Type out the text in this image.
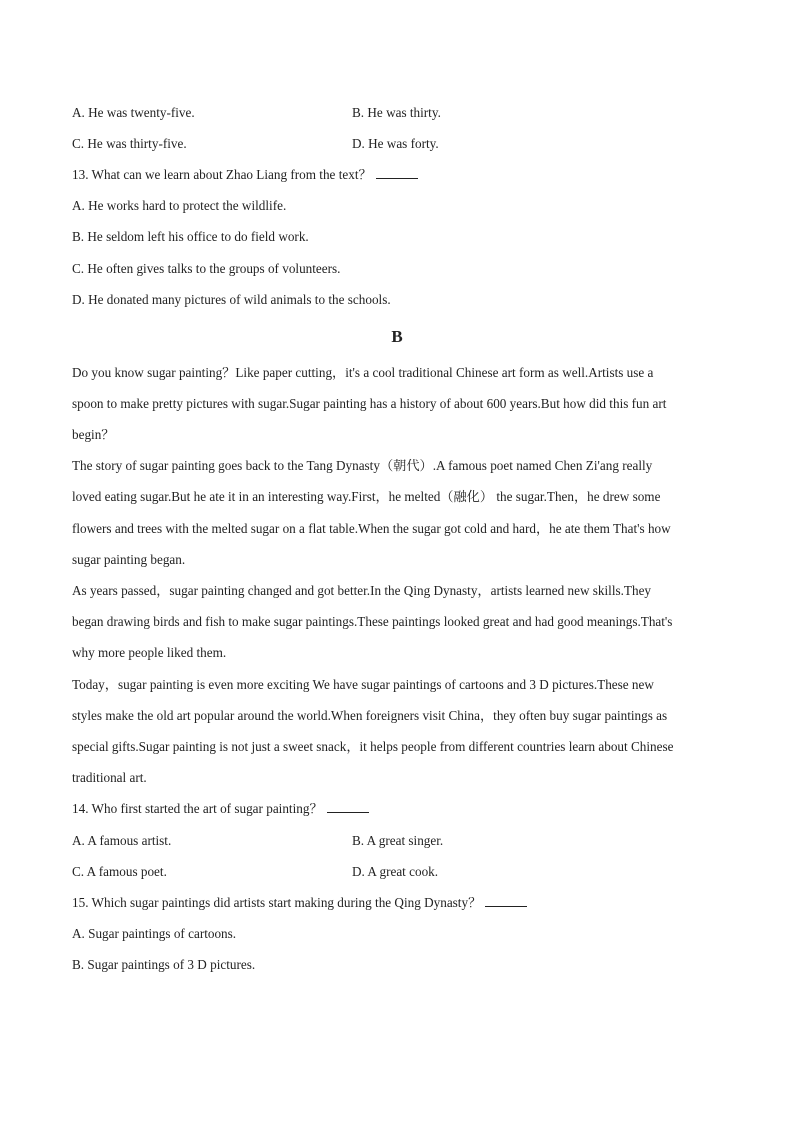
A. He was twenty-five.	B. He was thirty.
C. He was thirty-five.	D. He was forty.
13. What can we learn about Zhao Liang from the text？
A. He works hard to protect the wildlife.
B. He seldom left his office to do field work.
C. He often gives talks to the groups of volunteers.
D. He donated many pictures of wild animals to the schools.
B
Do you know sugar painting？Like paper cutting，it's a cool traditional Chinese art form as well.Artists use a
spoon to make pretty pictures with sugar.Sugar painting has a history of about 600 years.But how did this fun art
begin？
The story of sugar painting goes back to the Tang Dynasty（朝代）.A famous poet named Chen Zi'ang really
loved eating sugar.But he ate it in an interesting way.First，he melted（融化） the sugar.Then，he drew some
flowers and trees with the melted sugar on a flat table.When the sugar got cold and hard，he ate them That's how
sugar painting began.
As years passed，sugar painting changed and got better.In the Qing Dynasty，artists learned new skills.They
began drawing birds and fish to make sugar paintings.These paintings looked great and had good meanings.That's
why more people liked them.
Today，sugar painting is even more exciting We have sugar paintings of cartoons and 3 D pictures.These new
styles make the old art popular around the world.When foreigners visit China，they often buy sugar paintings as
special gifts.Sugar painting is not just a sweet snack，it helps people from different countries learn about Chinese
traditional art.
14. Who first started the art of sugar painting？
A. A famous artist.	B. A great singer.
C. A famous poet.	D. A great cook.
15. Which sugar paintings did artists start making during the Qing Dynasty？
A. Sugar paintings of cartoons.
B. Sugar paintings of 3 D pictures.
